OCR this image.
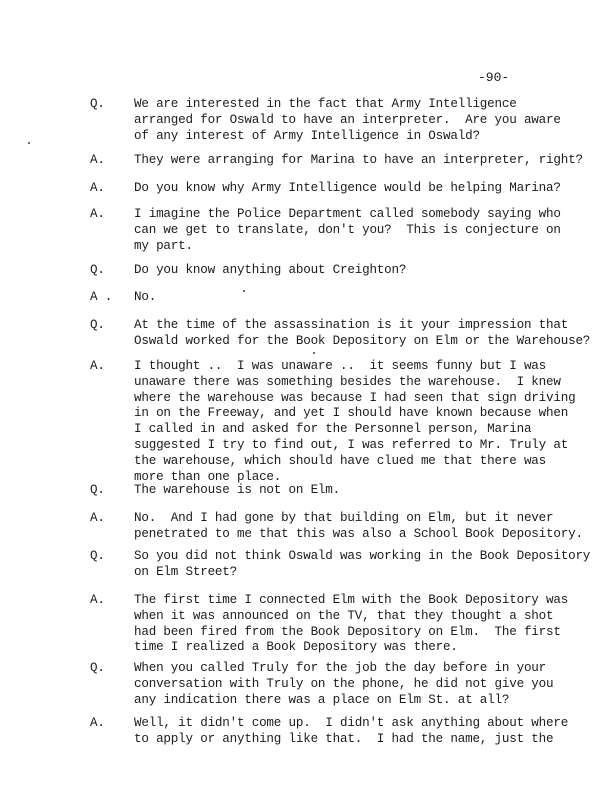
-90-
Q. We are interested in the fact that Army Intelligence
arranged for Oswald to have an interpreter.  Are you aware
of any interest of Army Intelligence in Oswald?
A. They were arranging for Marina to have an interpreter, right?
A. Do you know why Army Intelligence would be helping Marina?
A. I imagine the Police Department called somebody saying who
can we get to translate, don't you?  This is conjecture on
my part.
Q. Do you know anything about Creighton?
A . No.
Q. At the time of the assassination is it your impression that
Oswald worked for the Book Depository on Elm or the Warehouse?
A. I thought ..  I was unaware ..  it seems funny but I was
unaware there was something besides the warehouse.  I knew
where the warehouse was because I had seen that sign driving
in on the Freeway, and yet I should have known because when
I called in and asked for the Personnel person, Marina
suggested I try to find out, I was referred to Mr. Truly at
the warehouse, which should have clued me that there was
more than one place.
Q. The warehouse is not on Elm.
A. No.  And I had gone by that building on Elm, but it never
penetrated to me that this was also a School Book Depository.
Q. So you did not think Oswald was working in the Book Depository
on Elm Street?
A. The first time I connected Elm with the Book Depository was
when it was announced on the TV, that they thought a shot
had been fired from the Book Depository on Elm.  The first
time I realized a Book Depository was there.
Q. When you called Truly for the job the day before in your
conversation with Truly on the phone, he did not give you
any indication there was a place on Elm St. at all?
A. Well, it didn't come up.  I didn't ask anything about where
to apply or anything like that.  I had the name, just the
